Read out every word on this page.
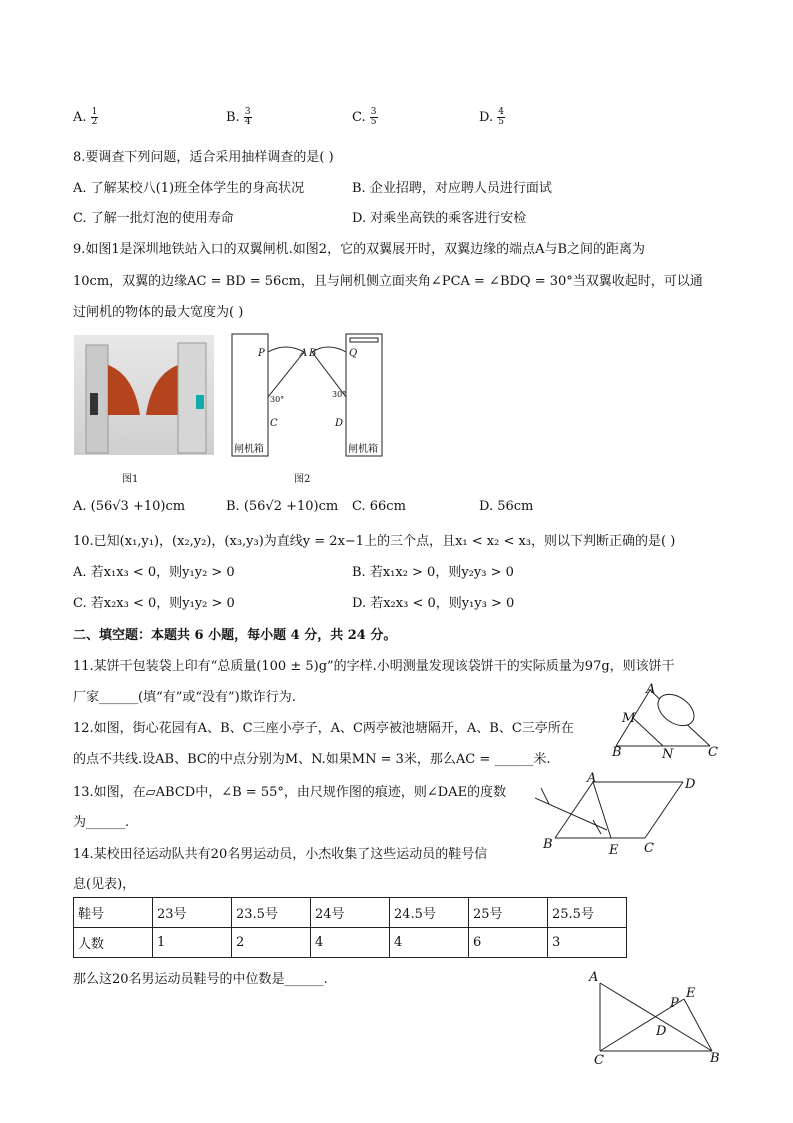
A. $\frac{1}{2}$	B. $\frac{3}{4}$	C. $\frac{3}{5}$	D. $\frac{4}{5}$
8.要调查下列问题，适合采用抽样调查的是( )
A. 了解某校八(1)班全体学生的身高状况	B. 企业招聘，对应聘人员进行面试
C. 了解一批灯泡的使用寿命	D. 对乘坐高铁的乘客进行安检
9.如图1是深圳地铁站入口的双翼闸机.如图2，它的双翼展开时，双翼边缘的端点A与B之间的距离为
10cm，双翼的边缘AC = BD = 56cm，且与闸机侧立面夹角∠PCA = ∠BDQ = 30°当双翼收起时，可以通
过闸机的物体的最大宽度为( )
图1
P	A B	Q
30°
30°
C	D
闸机箱	闸机箱
图2
A. (56√3 +10)cm	B. (56√2 +10)cm C. 66cm	D. 56cm
10.已知(x₁,y₁)，(x₂,y₂)，(x₃,y₃)为直线y = 2x−1上的三个点，且x₁ < x₂ < x₃，则以下判断正确的是( )
A. 若x₁x₃ < 0，则y₁y₂ > 0	B. 若x₁x₂ > 0，则y₂y₃ > 0
C. 若x₂x₃ < 0，则y₁y₂ > 0	D. 若x₂x₃ < 0，则y₁y₃ > 0
二、填空题：本题共 6 小题，每小题 4 分，共 24 分。
11.某饼干包装袋上印有“总质量(100 ± 5)g”的字样.小明测量发现该袋饼干的实际质量为97g，则该饼干
厂家______(填“有”或“没有”)欺诈行为.
12.如图，街心花园有A、B、C三座小亭子，A、C两亭被池塘隔开，A、B、C三亭所在
的点不共线.设AB、BC的中点分别为M、N.如果MN = 3米，那么AC = ______米.
A
M
B	N	C
13.如图，在▱ABCD中，∠B = 55°，由尺规作图的痕迹，则∠DAE的度数
为______.
A	D
B	E C
14.某校田径运动队共有20名男运动员，小杰收集了这些运动员的鞋号信
息(见表)，
鞋号	23号	23.5号	24号	24.5号	25号	25.5号
人数	1	2	4	4	6	3
那么这20名男运动员鞋号的中位数是______.	A
E
P
D
C	B
